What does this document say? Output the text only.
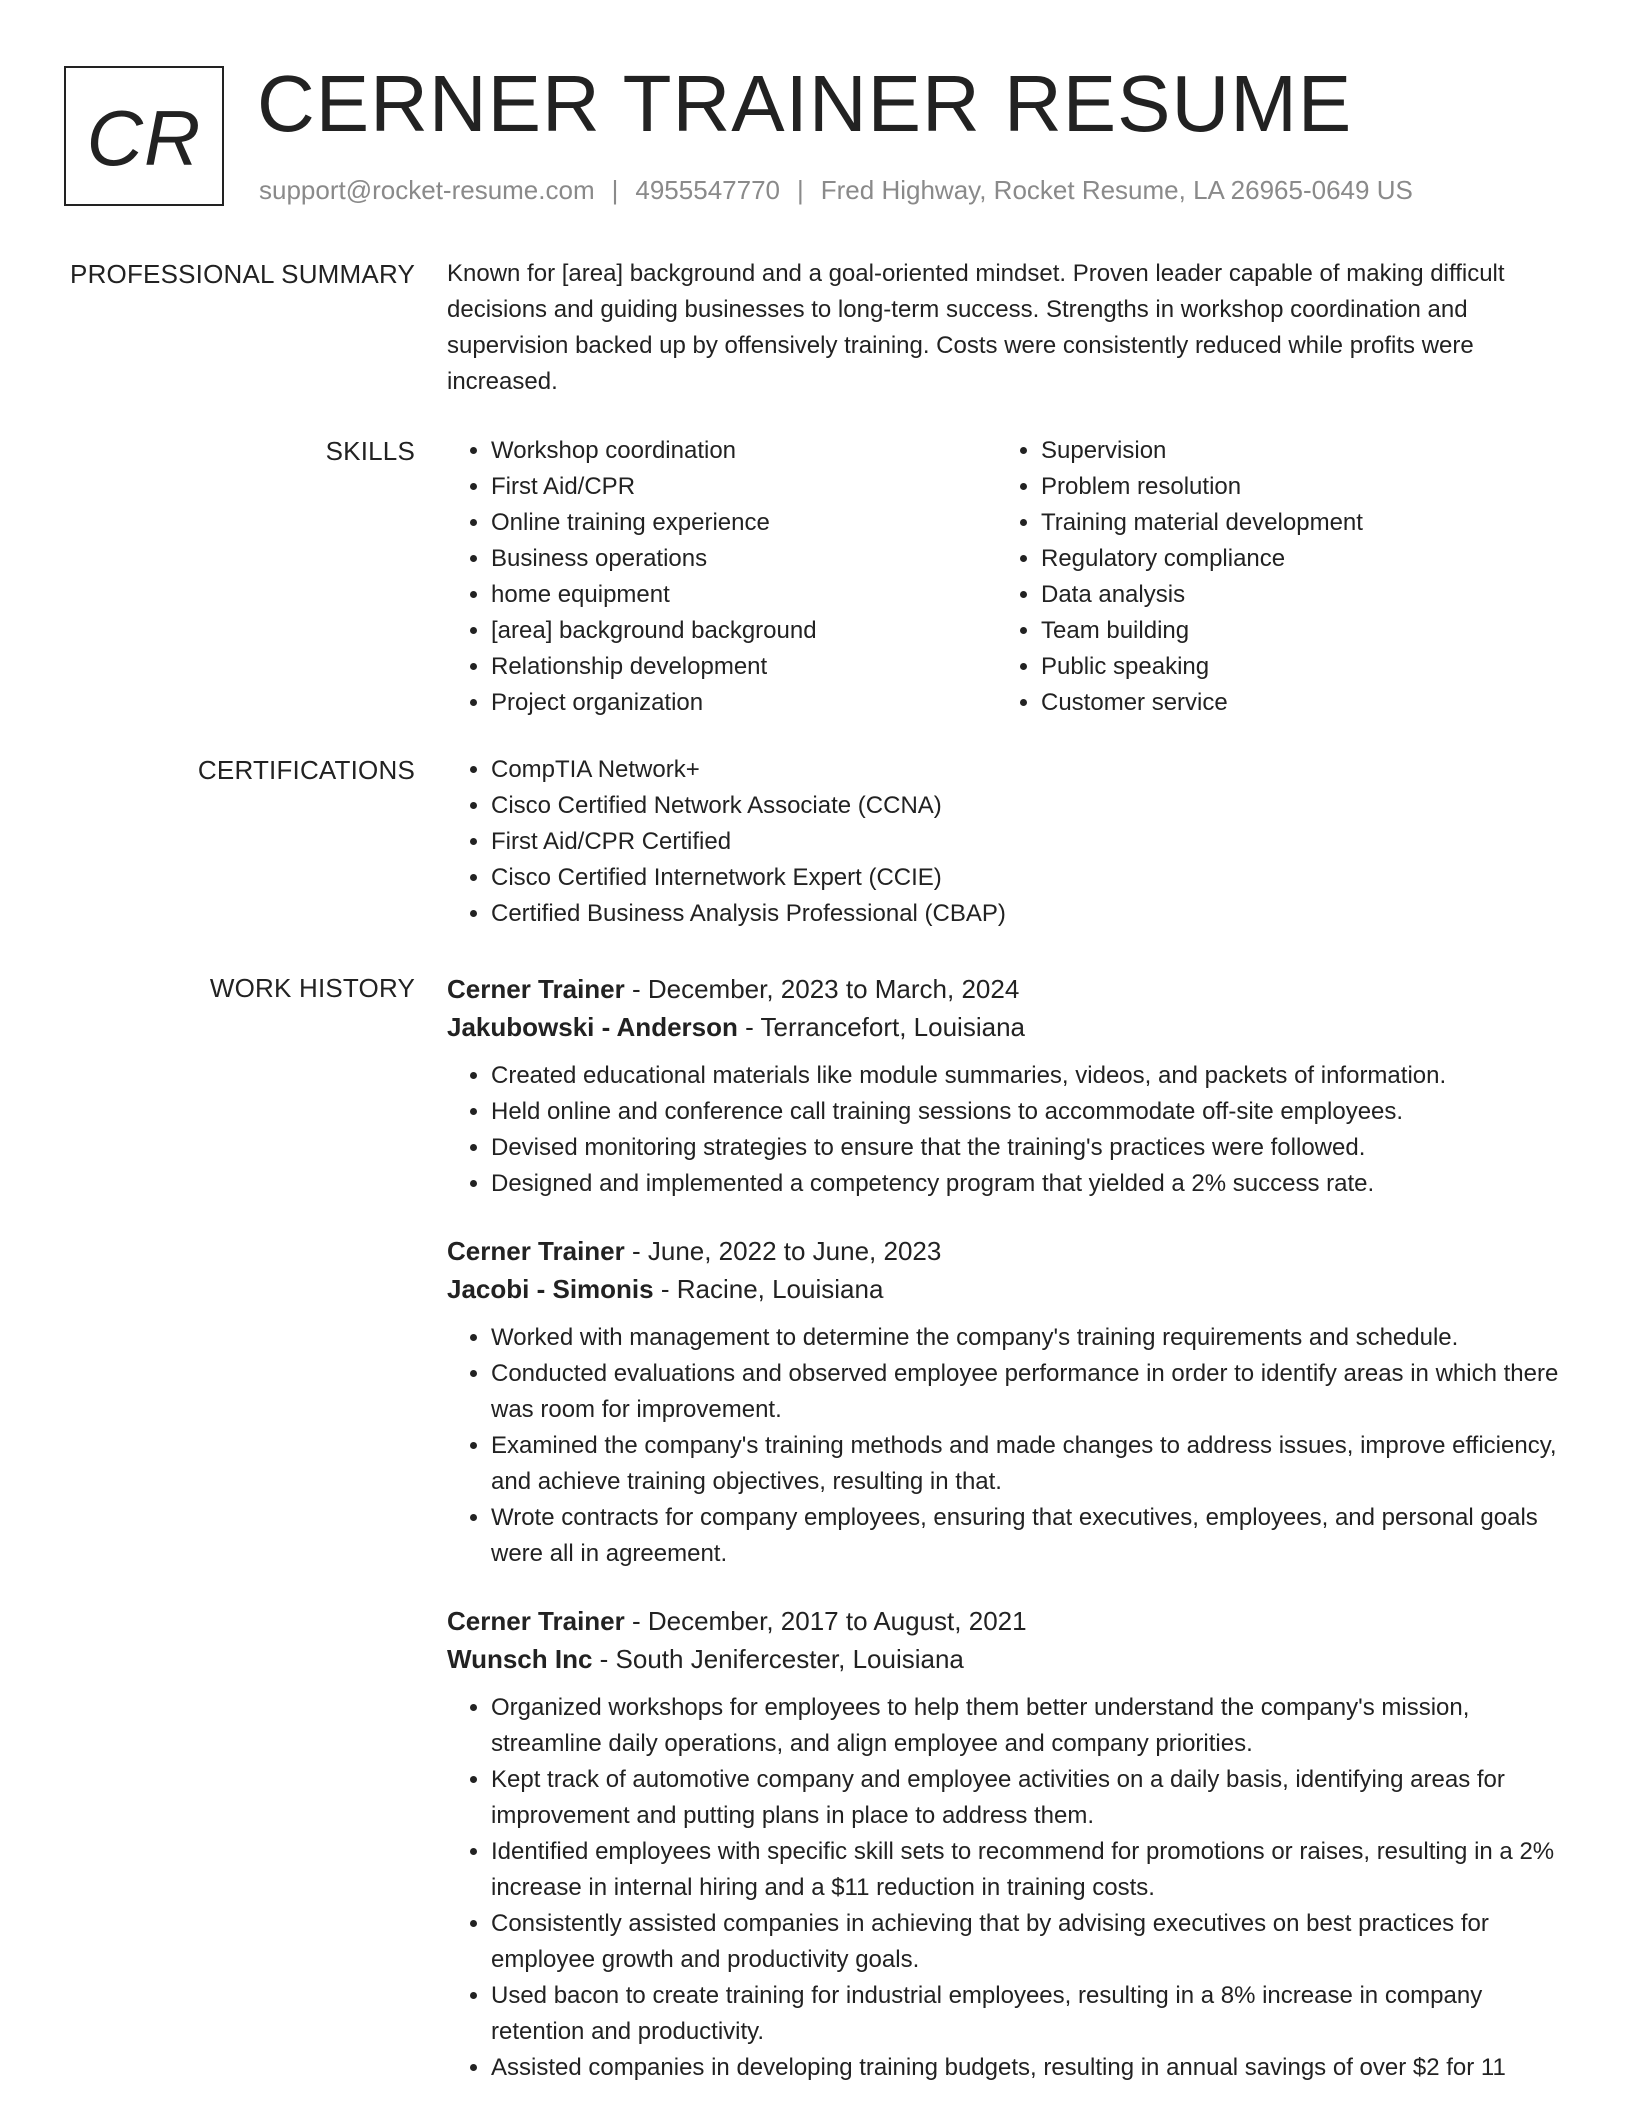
CR CERNER TRAINER RESUME
support@rocket-resume.com | 4955547770 | Fred Highway, Rocket Resume, LA 26965-0649 US
PROFESSIONAL SUMMARY Known for [area] background and a goal-oriented mindset. Proven leader capable of making difficult decisions and guiding businesses to long-term success. Strengths in workshop coordination and supervision backed up by offensively training. Costs were consistently reduced while profits were increased.

SKILLS	• Workshop coordination
• First Aid/CPR
• Online training experience
• Business operations
• home equipment
• [area] background background
• Relationship development
• Project organization
• Supervision
• Problem resolution
• Training material development
• Regulatory compliance
• Data analysis
• Team building
• Public speaking
• Customer service
CERTIFICATIONS	• CompTIA Network+
• Cisco Certified Network Associate (CCNA)
• First Aid/CPR Certified
• Cisco Certified Internetwork Expert (CCIE)
• Certified Business Analysis Professional (CBAP)
WORK HISTORY Cerner Trainer - December, 2023 to March, 2024
Jakubowski - Anderson - Terrancefort, Louisiana
• Created educational materials like module summaries, videos, and packets of information.
• Held online and conference call training sessions to accommodate off-site employees.
• Devised monitoring strategies to ensure that the training's practices were followed.
• Designed and implemented a competency program that yielded a 2% success rate.
Cerner Trainer - June, 2022 to June, 2023
Jacobi - Simonis - Racine, Louisiana
• Worked with management to determine the company's training requirements and schedule.
• Conducted evaluations and observed employee performance in order to identify areas in which there was room for improvement.
• Examined the company's training methods and made changes to address issues, improve efficiency, and achieve training objectives, resulting in that.
• Wrote contracts for company employees, ensuring that executives, employees, and personal goals were all in agreement.
Cerner Trainer - December, 2017 to August, 2021
Wunsch Inc - South Jenifercester, Louisiana
• Organized workshops for employees to help them better understand the company's mission, streamline daily operations, and align employee and company priorities.
• Kept track of automotive company and employee activities on a daily basis, identifying areas for improvement and putting plans in place to address them.
• Identified employees with specific skill sets to recommend for promotions or raises, resulting in a 2% increase in internal hiring and a $11 reduction in training costs.
• Consistently assisted companies in achieving that by advising executives on best practices for employee growth and productivity goals.
• Used bacon to create training for industrial employees, resulting in a 8% increase in company retention and productivity.
• Assisted companies in developing training budgets, resulting in annual savings of over $2 for 11
